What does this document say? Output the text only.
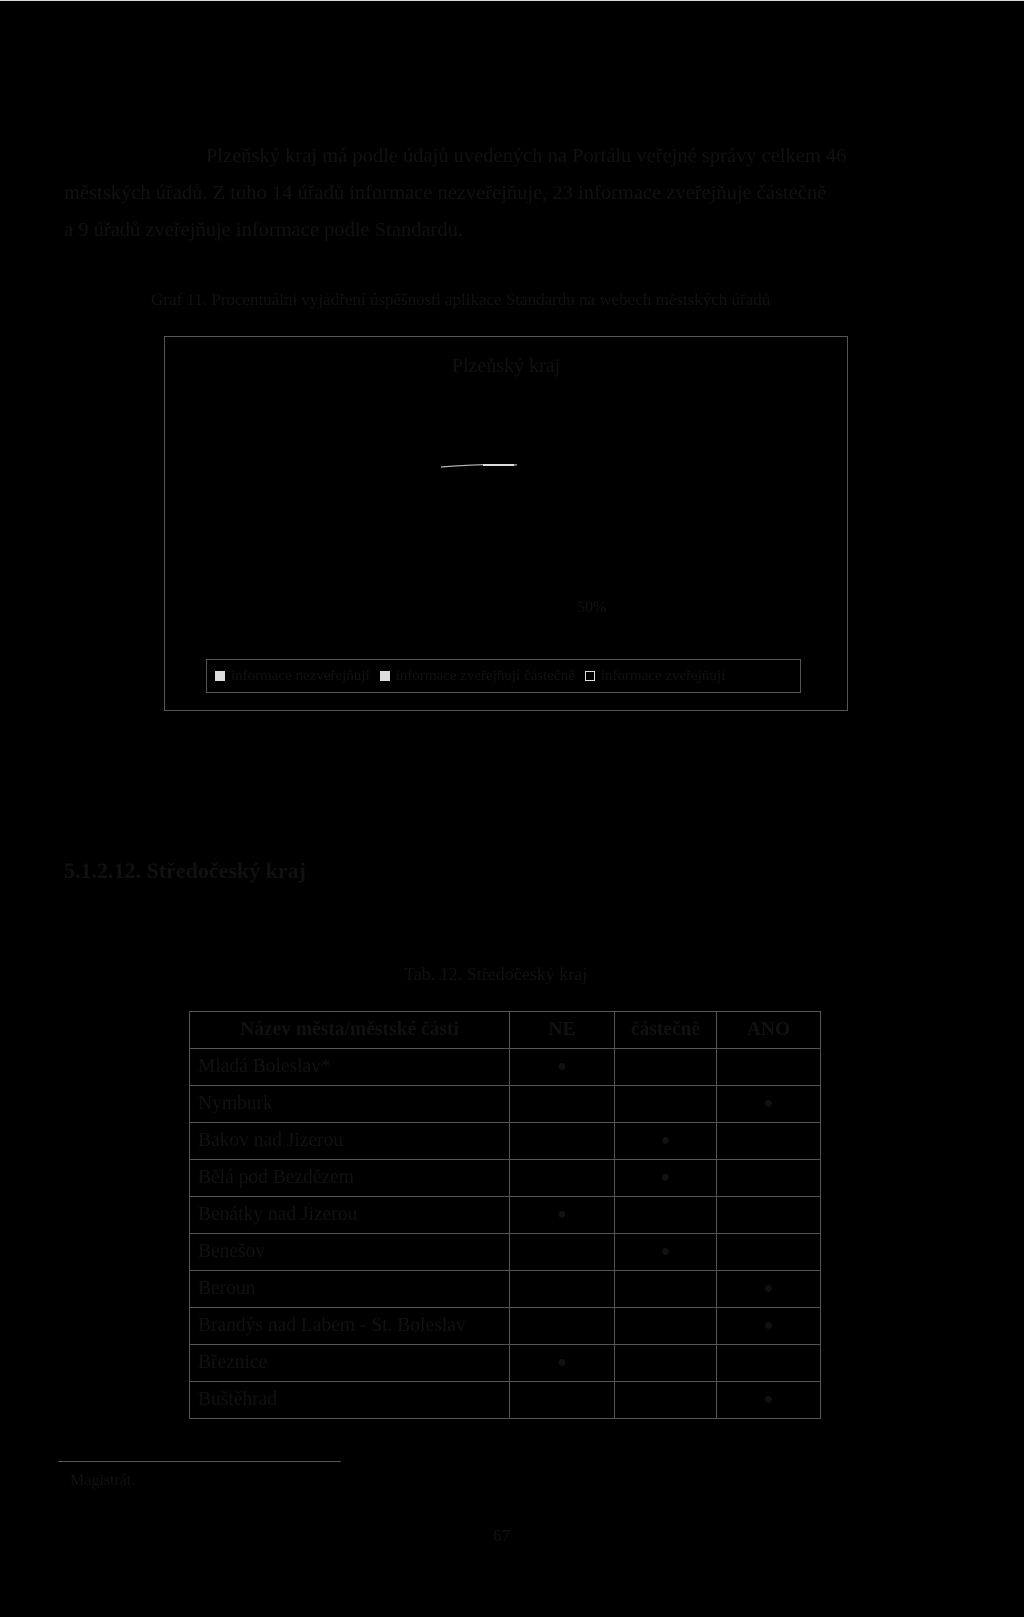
Plzeňský kraj má podle údajů uvedených na Portálu veřejné správy celkem 46
městských úřadů. Z toho 14 úřadů informace nezveřejňuje, 23 informace zveřejňuje částečně
a 9 úřadů zveřejňuje informace podle Standardu.

Graf 11. Procentuální vyjádření úspěšnosti aplikace Standardu na webech městských úřadů
Plzeňský kraj
50%
informace nezveřejňují informace zveřejňují částečně informace zveřejňují
5.1.2.12. Středočeský kraj
Tab. 12. Středočeský kraj
Název města/městské části	NE	částečně	ANO
Mladá Boleslav*	●		
Nymburk			●
Bakov nad Jizerou		●	
Bělá pod Bezdězem		●	
Benátky nad Jizerou	●		
Benešov		●	
Beroun			●
Brandýs nad Labem - St. Boleslav			●
Březnice	●		
Buštěhrad			●
Magistrát.
67
